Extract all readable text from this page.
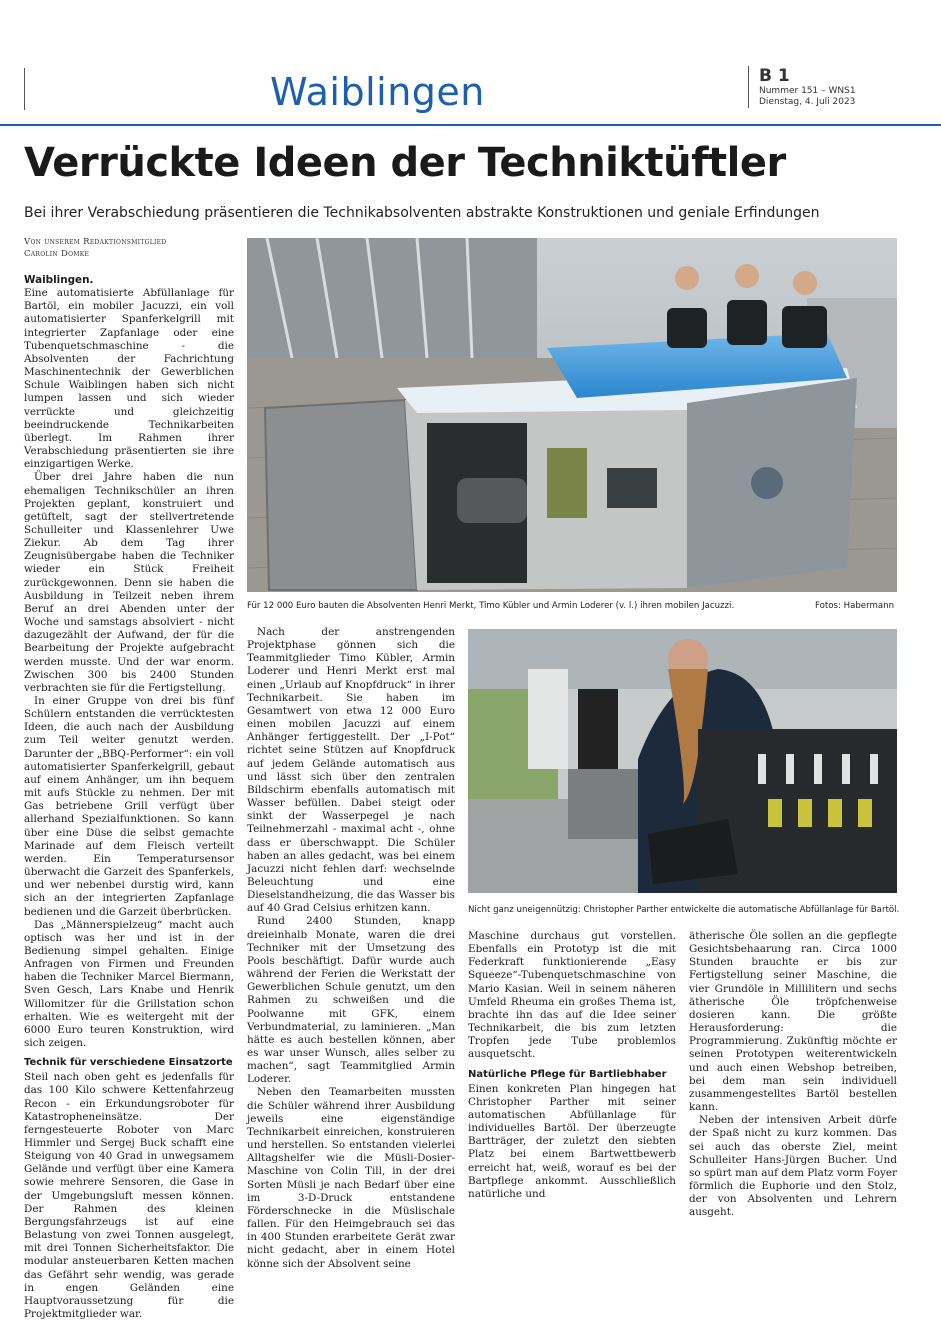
Waiblingen	B 1
Nummer 151 – WNS1
Dienstag, 4. Juli 2023
Verrückte Ideen der Techniktüftler
Bei ihrer Verabschiedung präsentieren die Technikabsolventen abstrakte Konstruktionen und geniale Erfindungen
Von unserem Redaktionsmitglied
Carolin Domke
Für 12 000 Euro bauten die Absolventen Henri Merkt, Timo Kübler und Armin Loderer (v. l.) ihren mobilen Jacuzzi.	Fotos: Habermann
Nicht ganz uneigennützig: Christopher Parther entwickelte die automatische Abfüllanlage für Bartöl.

Waiblingen.
Eine automatisierte Abfüllanlage für Bartöl, ein mobiler Jacuzzi, ein voll automatisierter Spanferkelgrill mit integrierter Zapfanlage oder eine Tubenquetschmaschine - die Absolventen der Fachrichtung Maschinentechnik der Gewerblichen Schule Waiblingen haben sich nicht lumpen lassen und sich wieder verrückte und gleichzeitig beeindruckende Technikarbeiten überlegt. Im Rahmen ihrer Verabschiedung präsentierten sie ihre einzigartigen Werke.

Über drei Jahre haben die nun ehemaligen Technikschüler an ihren Projekten geplant, konstruiert und getüftelt, sagt der stellvertretende Schulleiter und Klassenlehrer Uwe Ziekur. Ab dem Tag ihrer Zeugnisübergabe haben die Techniker wieder ein Stück Freiheit zurückgewonnen. Denn sie haben die Ausbildung in Teilzeit neben ihrem Beruf an drei Abenden unter der Woche und samstags absolviert - nicht dazugezählt der Aufwand, der für die Bearbeitung der Projekte aufgebracht werden musste. Und der war enorm. Zwischen 300 bis 2400 Stunden verbrachten sie für die Fertigstellung.

In einer Gruppe von drei bis fünf Schülern entstanden die verrücktesten Ideen, die auch nach der Ausbildung zum Teil weiter genutzt werden. Darunter der „BBQ-Performer“: ein voll automatisierter Spanferkelgrill, gebaut auf einem Anhänger, um ihn bequem mit aufs Stückle zu nehmen. Der mit Gas betriebene Grill verfügt über allerhand Spezialfunktionen. So kann über eine Düse die selbst gemachte Marinade auf dem Fleisch verteilt werden. Ein Temperatursensor überwacht die Garzeit des Spanferkels, und wer nebenbei durstig wird, kann sich an der integrierten Zapfanlage bedienen und die Garzeit überbrücken.

Das „Männerspielzeug“ macht auch optisch was her und ist in der Bedienung simpel gehalten. Einige Anfragen von Firmen und Freunden haben die Techniker Marcel Biermann, Sven Gesch, Lars Knabe und Henrik Willomitzer für die Grillstation schon erhalten. Wie es weitergeht mit der 6000 Euro teuren Konstruktion, wird sich zeigen.

Technik für verschiedene Einsatzorte

Steil nach oben geht es jedenfalls für das 100 Kilo schwere Kettenfahrzeug Recon - ein Erkundungsroboter für Katastropheneinsätze. Der ferngesteuerte Roboter von Marc Himmler und Sergej Buck schafft eine Steigung von 40 Grad in unwegsamem Gelände und verfügt über eine Kamera sowie mehrere Sensoren, die Gase in der Umgebungsluft messen können. Der Rahmen des kleinen Bergungsfahrzeugs ist auf eine Belastung von zwei Tonnen ausgelegt, mit drei Tonnen Sicherheitsfaktor. Die modular ansteuerbaren Ketten machen das Gefährt sehr wendig, was gerade in engen Geländen eine Hauptvoraussetzung für die Projektmitglieder war.

Nach der anstrengenden Projektphase gönnen sich die Teammitglieder Timo Kübler, Armin Loderer und Henri Merkt erst mal einen „Urlaub auf Knopfdruck“ in ihrer Technikarbeit. Sie haben im Gesamtwert von etwa 12 000 Euro einen mobilen Jacuzzi auf einem Anhänger fertiggestellt. Der „I-Pot“ richtet seine Stützen auf Knopfdruck auf jedem Gelände automatisch aus und lässt sich über den zentralen Bildschirm ebenfalls automatisch mit Wasser befüllen. Dabei steigt oder sinkt der Wasserpegel je nach Teilnehmerzahl - maximal acht -, ohne dass er überschwappt. Die Schüler haben an alles gedacht, was bei einem Jacuzzi nicht fehlen darf: wechselnde Beleuchtung und eine Dieselstandheizung, die das Wasser bis auf 40 Grad Celsius erhitzen kann.

Rund 2400 Stunden, knapp dreieinhalb Monate, waren die drei Techniker mit der Umsetzung des Pools beschäftigt. Dafür wurde auch während der Ferien die Werkstatt der Gewerblichen Schule genutzt, um den Rahmen zu schweißen und die Poolwanne mit GFK, einem Verbundmaterial, zu laminieren. „Man hätte es auch bestellen können, aber es war unser Wunsch, alles selber zu machen“, sagt Teammitglied Armin Loderer.

Neben den Teamarbeiten mussten die Schüler während ihrer Ausbildung jeweils eine eigenständige Technikarbeit einreichen, konstruieren und herstellen. So entstanden vielerlei Alltagshelfer wie die Müsli-Dosier-Maschine von Colin Till, in der drei Sorten Müsli je nach Bedarf über eine im 3-D-Druck entstandene Förderschnecke in die Müslischale fallen. Für den Heimgebrauch sei das in 400 Stunden erarbeitete Gerät zwar nicht gedacht, aber in einem Hotel könne sich der Absolvent seine

Maschine durchaus gut vorstellen. Ebenfalls ein Prototyp ist die mit Federkraft funktionierende „Easy Squeeze“-Tubenquetschmaschine von Mario Kasian. Weil in seinem näheren Umfeld Rheuma ein großes Thema ist, brachte ihn das auf die Idee seiner Technikarbeit, die bis zum letzten Tropfen jede Tube problemlos ausquetscht.

Natürliche Pflege für Bartliebhaber

Einen konkreten Plan hingegen hat Christopher Parther mit seiner automatischen Abfüllanlage für individuelles Bartöl. Der überzeugte Bartträger, der zuletzt den siebten Platz bei einem Bartwettbewerb erreicht hat, weiß, worauf es bei der Bartpflege ankommt. Ausschließlich natürliche und

ätherische Öle sollen an die gepflegte Gesichtsbehaarung ran. Circa 1000 Stunden brauchte er bis zur Fertigstellung seiner Maschine, die vier Grundöle in Millilitern und sechs ätherische Öle tröpfchenweise dosieren kann. Die größte Herausforderung: die Programmierung. Zukünftig möchte er seinen Prototypen weiterentwickeln und auch einen Webshop betreiben, bei dem man sein individuell zusammengestelltes Bartöl bestellen kann.

Neben der intensiven Arbeit dürfe der Spaß nicht zu kurz kommen. Das sei auch das oberste Ziel, meint Schulleiter Hans-Jürgen Bucher. Und so spürt man auf dem Platz vorm Foyer förmlich die Euphorie und den Stolz, der von Absolventen und Lehrern ausgeht.
